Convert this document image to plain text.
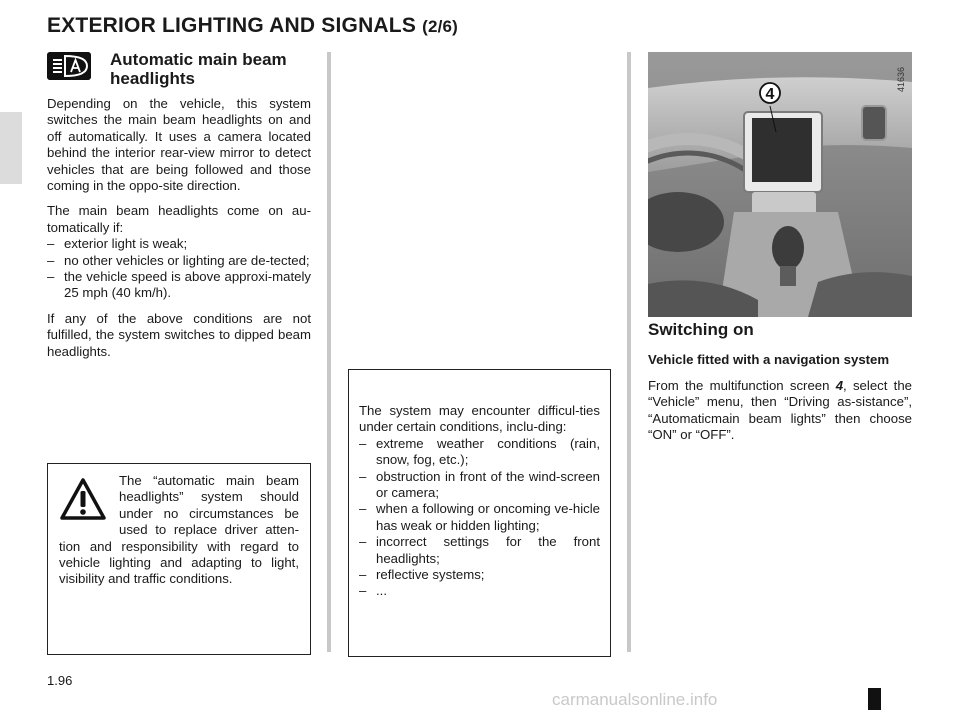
EXTERIOR LIGHTING AND SIGNALS (2/6)
Automatic main beam
headlights

Depending on the vehicle, this system switches the main beam headlights on and off automatically. It uses a camera located behind the interior rear-view mirror to detect vehicles that are being followed and those coming in the oppo-site direction.

The main beam headlights come on au-tomatically if:

– exterior light is weak;
– no other vehicles or lighting are de-tected;
– the vehicle speed is above approxi-mately 25 mph (40 km/h).

If any of the above conditions are not fulfilled, the system switches to dipped beam headlights.

The “automatic main beam headlights” system should under no circumstances be used to replace driver atten-tion and responsibility with regard to vehicle lighting and adapting to light, visibility and traffic conditions.

The system may encounter difficul-ties under certain conditions, inclu-ding:

– extreme weather conditions (rain, snow, fog, etc.);
– obstruction in front of the wind-screen or camera;
– when a following or oncoming ve-hicle has weak or hidden lighting;
– incorrect settings for the front headlights;
– reflective systems;
– ...
4
41636
Switching on

Vehicle fitted with a navigation system

From the multifunction screen 4, select the “Vehicle” menu, then “Driving as-sistance”, “Automaticmain beam lights” then choose “ON” or “OFF”.

1.96
carmanualsonline.info
